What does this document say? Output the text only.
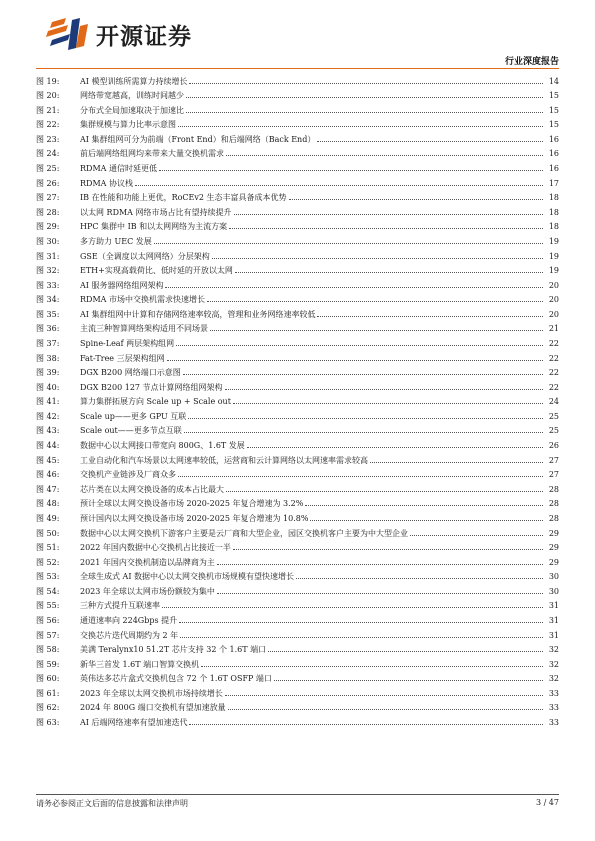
开源证券
行业深度报告
图 19:	AI 模型训练所需算力持续增长	14
图 20:	网络带宽越高，训练时间越少	15
图 21:	分布式全局加速取决于加速比	15
图 22:	集群规模与算力比率示意图	15
图 23:	AI 集群组网可分为前端（Front End）和后端网络（Back End）	16
图 24:	前后端网络组网均来带来大量交换机需求	16
图 25:	RDMA 通信时延更低	16
图 26:	RDMA 协议栈	17
图 27:	IB 在性能和功能上更优，RoCEv2 生态丰富具备成本优势	18
图 28:	以太网 RDMA 网络市场占比有望持续提升	18
图 29:	HPC 集群中 IB 和以太网网络为主流方案	18
图 30:	多方助力 UEC 发展	19
图 31:	GSE（全调度以太网网络）分层架构	19
图 32:	ETH+实现高载荷比、低时延的开放以太网	19
图 33:	AI 服务器网络组网架构	20
图 34:	RDMA 市场中交换机需求快速增长	20
图 35:	AI 集群组网中计算和存储网络速率较高，管理和业务网络速率较低	20
图 36:	主流三种智算网络架构适用不同场景	21
图 37:	Spine-Leaf 两层架构组网	22
图 38:	Fat-Tree 三层架构组网	22
图 39:	DGX B200 网络端口示意图	22
图 40:	DGX B200 127 节点计算网络组网架构	22
图 41:	算力集群拓展方向 Scale up + Scale out	24
图 42:	Scale up——更多 GPU 互联	25
图 43:	Scale out——更多节点互联	25
图 44:	数据中心以太网接口带宽向 800G、1.6T 发展	26
图 45:	工业自动化和汽车场景以太网速率较低，运营商和云计算网络以太网速率需求较高	27
图 46:	交换机产业链涉及厂商众多	27
图 47:	芯片类在以太网交换设备的成本占比最大	28
图 48:	预计全球以太网交换设备市场 2020-2025 年复合增速为 3.2%	28
图 49:	预计国内以太网交换设备市场 2020-2025 年复合增速为 10.8%	28
图 50:	数据中心以太网交换机下游客户主要是云厂商和大型企业，园区交换机客户主要为中大型企业	29
图 51:	2022 年国内数据中心交换机占比接近一半	29
图 52:	2021 年国内交换机制造以品牌商为主	29
图 53:	全球生成式 AI 数据中心以太网交换机市场规模有望快速增长	30
图 54:	2023 年全球以太网市场份额较为集中	30
图 55:	三种方式提升互联速率	31
图 56:	通道速率向 224Gbps 提升	31
图 57:	交换芯片迭代周期约为 2 年	31
图 58:	美满 Teralynx10 51.2T 芯片支持 32 个 1.6T 端口	32
图 59:	新华三首发 1.6T 端口智算交换机	32
图 60:	英伟达多芯片盒式交换机包含 72 个 1.6T OSFP 端口	32
图 61:	2023 年全球以太网交换机市场持续增长	33
图 62:	2024 年 800G 端口交换机有望加速放量	33
图 63:	AI 后端网络速率有望加速迭代	33
请务必参阅正文后面的信息披露和法律声明	3 / 47
